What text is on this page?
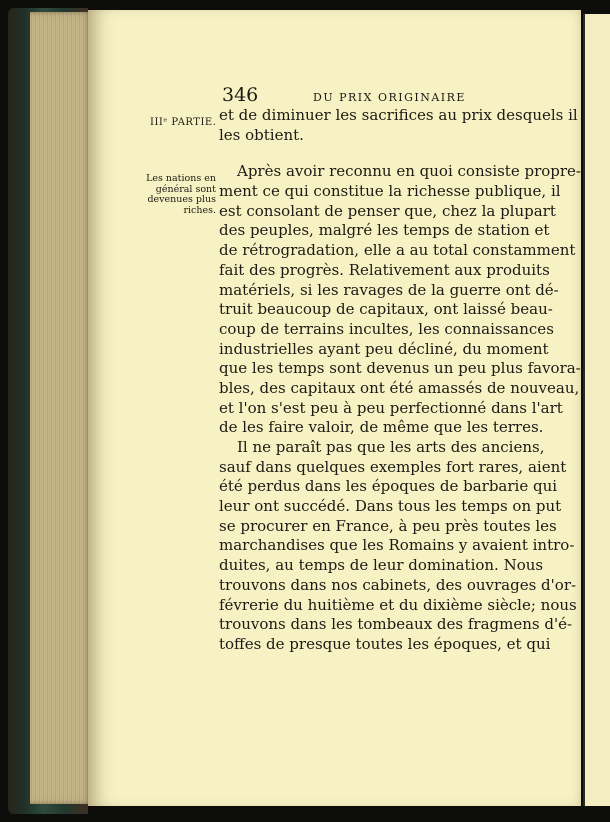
346	DU PRIX ORIGINAIRE
IIIᵉ PARTIE.
Les nations en
général sont
devenues plus
riches.
et de diminuer les sacrifices au prix desquels il
les obtient.
Après avoir reconnu en quoi consiste propre-
ment ce qui constitue la richesse publique, il
est consolant de penser que, chez la plupart
des peuples, malgré les temps de station et
de rétrogradation, elle a au total constamment
fait des progrès. Relativement aux produits
matériels, si les ravages de la guerre ont dé-
truit beaucoup de capitaux, ont laissé beau-
coup de terrains incultes, les connaissances
industrielles ayant peu décliné, du moment
que les temps sont devenus un peu plus favora-
bles, des capitaux ont été amassés de nouveau,
et l'on s'est peu à peu perfectionné dans l'art
de les faire valoir, de même que les terres.
Il ne paraît pas que les arts des anciens,
sauf dans quelques exemples fort rares, aient
été perdus dans les époques de barbarie qui
leur ont succédé. Dans tous les temps on put
se procurer en France, à peu près toutes les
marchandises que les Romains y avaient intro-
duites, au temps de leur domination. Nous
trouvons dans nos cabinets, des ouvrages d'or-
févrerie du huitième et du dixième siècle; nous
trouvons dans les tombeaux des fragmens d'é-
toffes de presque toutes les époques, et qui
